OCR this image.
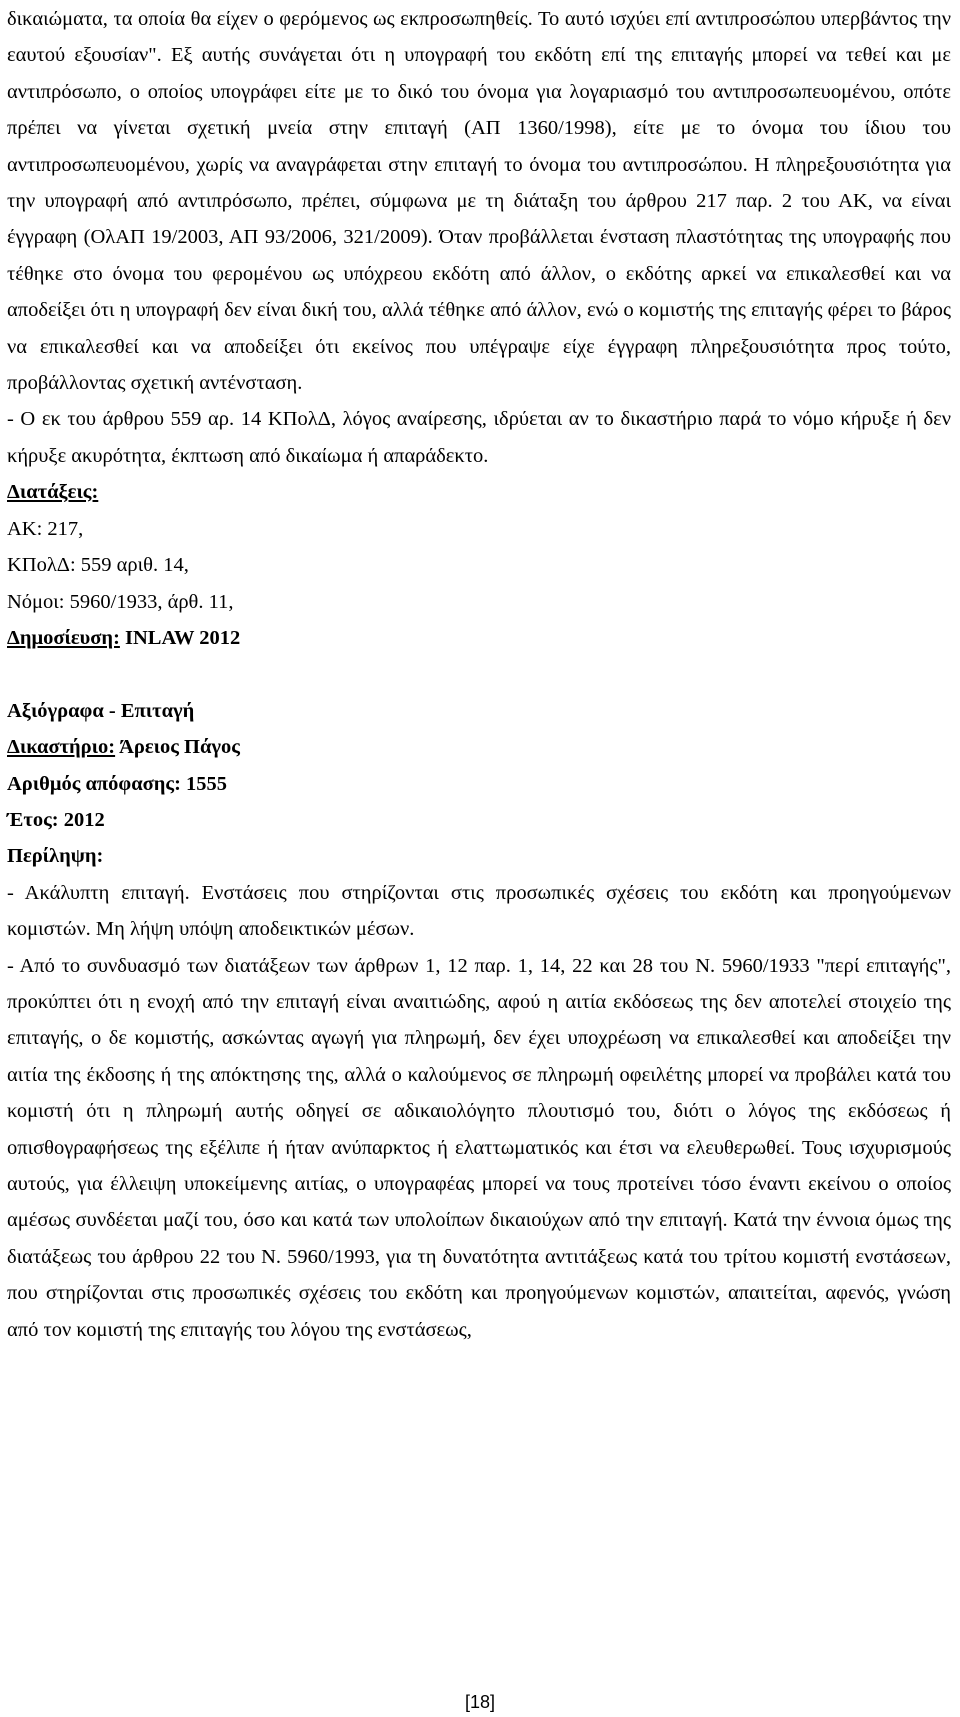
δικαιώματα, τα οποία θα είχεν ο φερόμενος ως εκπροσωπηθείς. Το αυτό ισχύει επί αντιπροσώπου υπερβάντος την εαυτού εξουσίαν". Εξ αυτής συνάγεται ότι η υπογραφή του εκδότη επί της επιταγής μπορεί να τεθεί και με αντιπρόσωπο, ο οποίος υπογράφει είτε με το δικό του όνομα για λογαριασμό του αντιπροσωπευομένου, οπότε πρέπει να γίνεται σχετική μνεία στην επιταγή (ΑΠ 1360/1998), είτε με το όνομα του ίδιου του αντιπροσωπευομένου, χωρίς να αναγράφεται στην επιταγή το όνομα του αντιπροσώπου. Η πληρεξουσιότητα για την υπογραφή από αντιπρόσωπο, πρέπει, σύμφωνα με τη διάταξη του άρθρου 217 παρ. 2 του ΑΚ, να είναι έγγραφη (ΟλΑΠ 19/2003, ΑΠ 93/2006, 321/2009). Όταν προβάλλεται ένσταση πλαστότητας της υπογραφής που τέθηκε στο όνομα του φερομένου ως υπόχρεου εκδότη από άλλον, ο εκδότης αρκεί να επικαλεσθεί και να αποδείξει ότι η υπογραφή δεν είναι δική του, αλλά τέθηκε από άλλον, ενώ ο κομιστής της επιταγής φέρει το βάρος να επικαλεσθεί και να αποδείξει ότι εκείνος που υπέγραψε είχε έγγραφη πληρεξουσιότητα προς τούτο, προβάλλοντας σχετική αντένσταση.

- Ο εκ του άρθρου 559 αρ. 14 ΚΠολΔ, λόγος αναίρεσης, ιδρύεται αν το δικαστήριο παρά το νόμο κήρυξε ή δεν κήρυξε ακυρότητα, έκπτωση από δικαίωμα ή απαράδεκτο.

Διατάξεις:

ΑΚ: 217,

ΚΠολΔ: 559 αριθ. 14,

Νόμοι: 5960/1933, άρθ. 11,

Δημοσίευση: INLAW 2012

Αξιόγραφα - Επιταγή

Δικαστήριο: Άρειος Πάγος

Αριθμός απόφασης: 1555

Έτος: 2012

Περίληψη:

- Ακάλυπτη επιταγή. Ενστάσεις που στηρίζονται στις προσωπικές σχέσεις του εκδότη και προηγούμενων κομιστών. Μη λήψη υπόψη αποδεικτικών μέσων.

- Από το συνδυασμό των διατάξεων των άρθρων 1, 12 παρ. 1, 14, 22 και 28 του Ν. 5960/1933 "περί επιταγής", προκύπτει ότι η ενοχή από την επιταγή είναι αναιτιώδης, αφού η αιτία εκδόσεως της δεν αποτελεί στοιχείο της επιταγής, ο δε κομιστής, ασκώντας αγωγή για πληρωμή, δεν έχει υποχρέωση να επικαλεσθεί και αποδείξει την αιτία της έκδοσης ή της απόκτησης της, αλλά ο καλούμενος σε πληρωμή οφειλέτης μπορεί να προβάλει κατά του κομιστή ότι η πληρωμή αυτής οδηγεί σε αδικαιολόγητο πλουτισμό του, διότι ο λόγος της εκδόσεως ή οπισθογραφήσεως της εξέλιπε ή ήταν ανύπαρκτος ή ελαττωματικός και έτσι να ελευθερωθεί. Τους ισχυρισμούς αυτούς, για έλλειψη υποκείμενης αιτίας, ο υπογραφέας μπορεί να τους προτείνει τόσο έναντι εκείνου ο οποίος αμέσως συνδέεται μαζί του, όσο και κατά των υπολοίπων δικαιούχων από την επιταγή. Κατά την έννοια όμως της διατάξεως του άρθρου 22 του Ν. 5960/1993, για τη δυνατότητα αντιτάξεως κατά του τρίτου κομιστή ενστάσεων, που στηρίζονται στις προσωπικές σχέσεις του εκδότη και προηγούμενων κομιστών, απαιτείται, αφενός, γνώση από τον κομιστή της επιταγής του λόγου της ενστάσεως,

[18]
